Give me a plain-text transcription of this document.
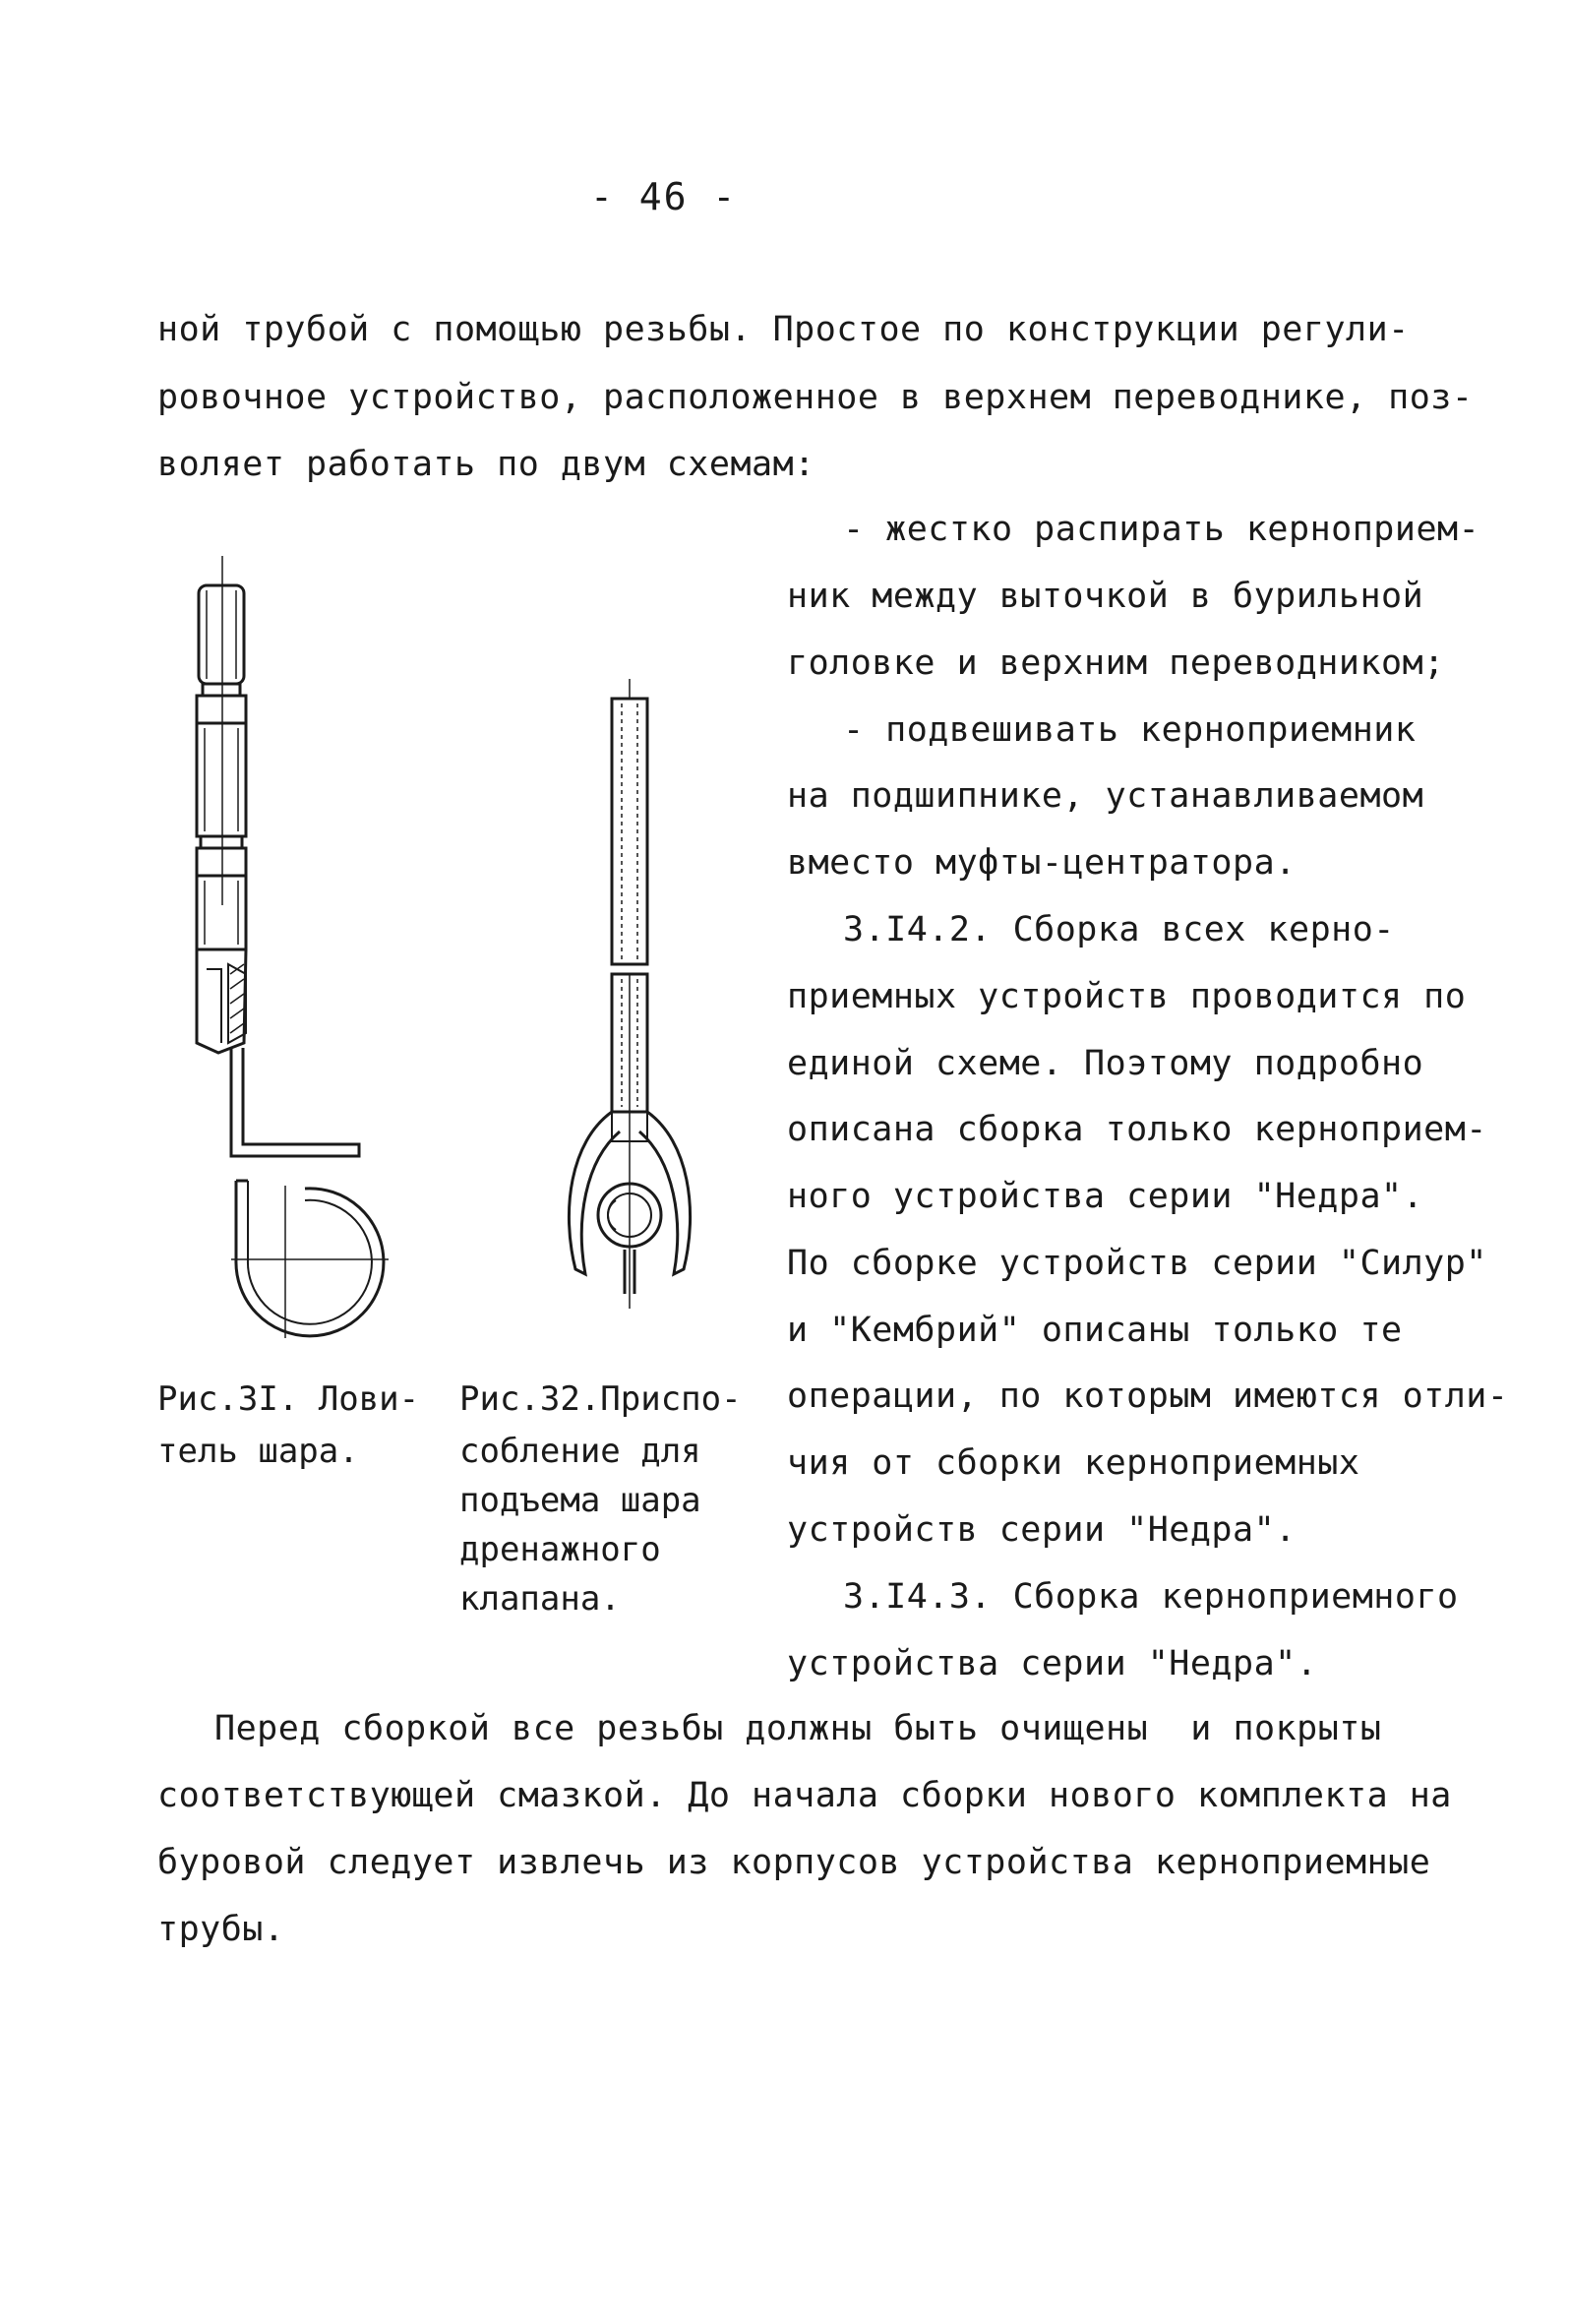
- 46 -
ной трубой с помощью резьбы. Простое по конструкции регули-
ровочное устройство, расположенное в верхнем переводнике, поз-
воляет работать по двум схемам:
- жестко распирать керноприем-
ник между выточкой в бурильной
головке и верхним переводником;
- подвешивать керноприемник
на подшипнике, устанавливаемом
вместо муфты-центратора.
3.I4.2. Сборка всех керно-
приемных устройств проводится по
единой схеме. Поэтому подробно
описана сборка только керноприем-
ного устройства серии "Недра".
По сборке устройств серии "Силур"
и "Кембрий" описаны только те
операции, по которым имеются отли-
чия от сборки керноприемных
устройств серии "Недра".
3.I4.3. Сборка керноприемного
устройства серии "Недра".
Рис.3I. Лови-
тель шара.
Рис.32.Приспо-
собление для
подъема шара
дренажного
клапана.
Перед сборкой все резьбы должны быть очищены  и покрыты
соответствующей смазкой. До начала сборки нового комплекта на
буровой следует извлечь из корпусов устройства керноприемные
трубы.
